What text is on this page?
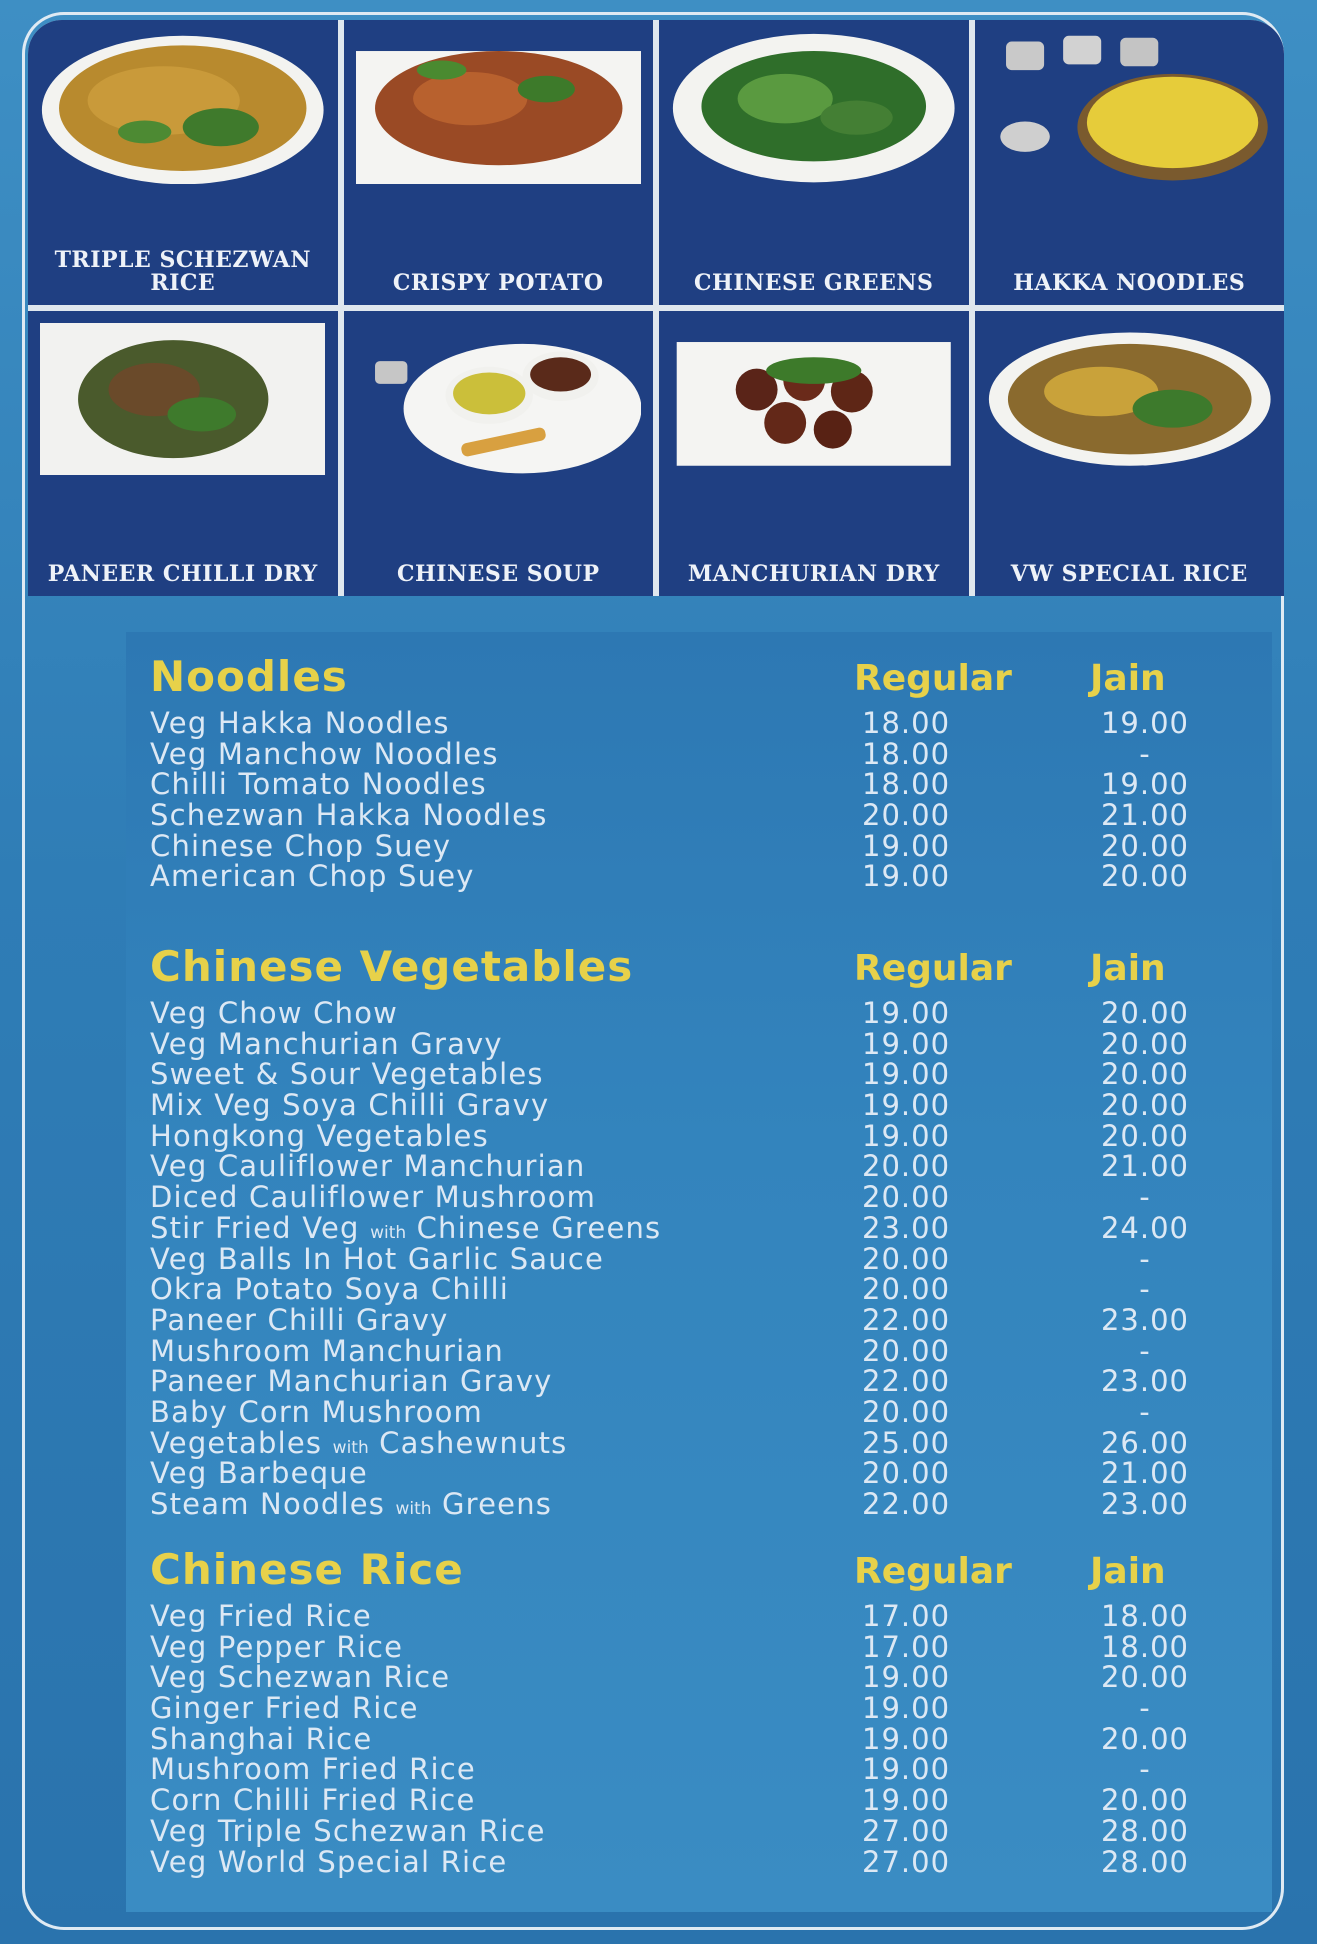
TRIPLE SCHEZWAN
RICE	CRISPY POTATO	CHINESE GREENS	HAKKA NOODLES
PANEER CHILLI DRY	CHINESE SOUP	MANCHURIAN DRY	VW SPECIAL RICE
Noodles	Regular Jain
Veg Hakka Noodles	18.00	19.00
Veg Manchow Noodles	18.00	-
Chilli Tomato Noodles	18.00	19.00
Schezwan Hakka Noodles	20.00	21.00
Chinese Chop Suey	19.00	20.00
American Chop Suey	19.00	20.00
Chinese Vegetables	Regular Jain
Veg Chow Chow	19.00	20.00
Veg Manchurian Gravy	19.00	20.00
Sweet & Sour Vegetables	19.00	20.00
Mix Veg Soya Chilli Gravy	19.00	20.00
Hongkong Vegetables	19.00	20.00
Veg Cauliflower Manchurian	20.00	21.00
Diced Cauliflower Mushroom	20.00	-
Stir Fried Veg with Chinese Greens	23.00	24.00
Veg Balls In Hot Garlic Sauce	20.00	-
Okra Potato Soya Chilli	20.00	-
Paneer Chilli Gravy	22.00	23.00
Mushroom Manchurian	20.00	-
Paneer Manchurian Gravy	22.00	23.00
Baby Corn Mushroom	20.00	-
Vegetables with Cashewnuts	25.00	26.00
Veg Barbeque	20.00	21.00
Steam Noodles with Greens	22.00	23.00
Chinese Rice	Regular Jain
Veg Fried Rice	17.00	18.00
Veg Pepper Rice	17.00	18.00
Veg Schezwan Rice	19.00	20.00
Ginger Fried Rice	19.00	-
Shanghai Rice	19.00	20.00
Mushroom Fried Rice	19.00	-
Corn Chilli Fried Rice	19.00	20.00
Veg Triple Schezwan Rice	27.00	28.00
Veg World Special Rice	27.00	28.00
